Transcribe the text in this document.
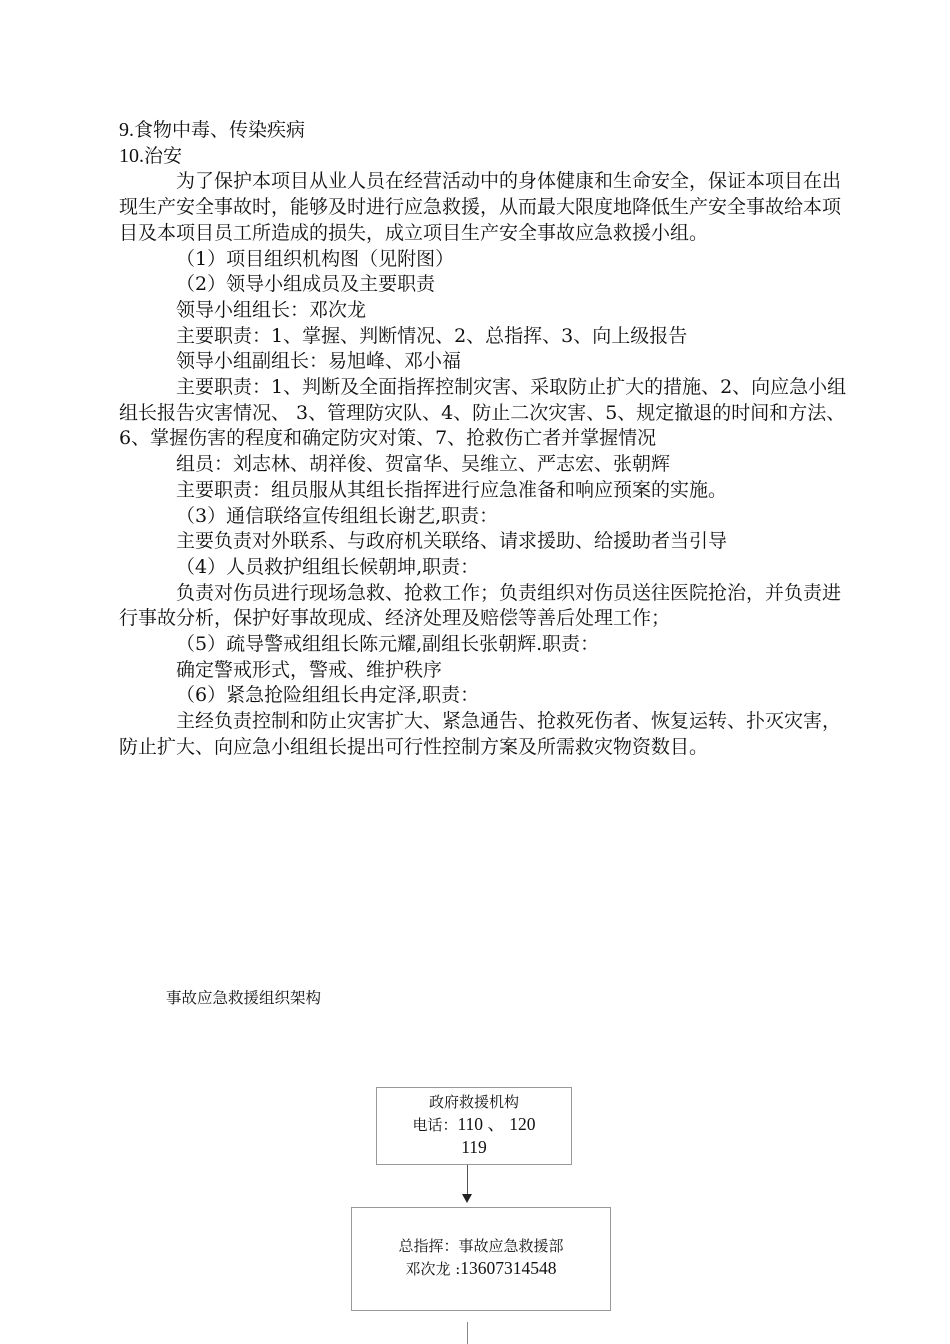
9.食物中毒、传染疾病

10.治安

为了保护本项目从业人员在经营活动中的身体健康和生命安全，保证本项目在出现生产安全事故时，能够及时进行应急救援，从而最大限度地降低生产安全事故给本项目及本项目员工所造成的损失，成立项目生产安全事故应急救援小组。

（1）项目组织机构图（见附图）

（2）领导小组成员及主要职责

领导小组组长：邓次龙

主要职责：1、掌握、判断情况、2、总指挥、3、向上级报告

领导小组副组长：易旭峰、邓小福

主要职责：1、判断及全面指挥控制灾害、采取防止扩大的措施、2、向应急小组组长报告灾害情况、 3、管理防灾队、4、防止二次灾害、5、规定撤退的时间和方法、6、掌握伤害的程度和确定防灾对策、7、抢救伤亡者并掌握情况

组员：刘志林、胡祥俊、贺富华、吴维立、严志宏、张朝辉

主要职责：组员服从其组长指挥进行应急准备和响应预案的实施。

（3）通信联络宣传组组长谢艺,职责：

主要负责对外联系、与政府机关联络、请求援助、给援助者当引导

（4）人员救护组组长候朝坤,职责：

负责对伤员进行现场急救、抢救工作；负责组织对伤员送往医院抢治，并负责进行事故分析，保护好事故现成、经济处理及赔偿等善后处理工作；

（5）疏导警戒组组长陈元耀,副组长张朝辉.职责：

确定警戒形式，警戒、维护秩序

（6）紧急抢险组组长冉定泽,职责：

主经负责控制和防止灾害扩大、紧急通告、抢救死伤者、恢复运转、扑灭灾害，防止扩大、向应急小组组长提出可行性控制方案及所需救灾物资数目。

事故应急救援组织架构
政府救援机构
电话：110 、 120
119
总指挥：事故应急救援部
邓次龙 :13607314548
